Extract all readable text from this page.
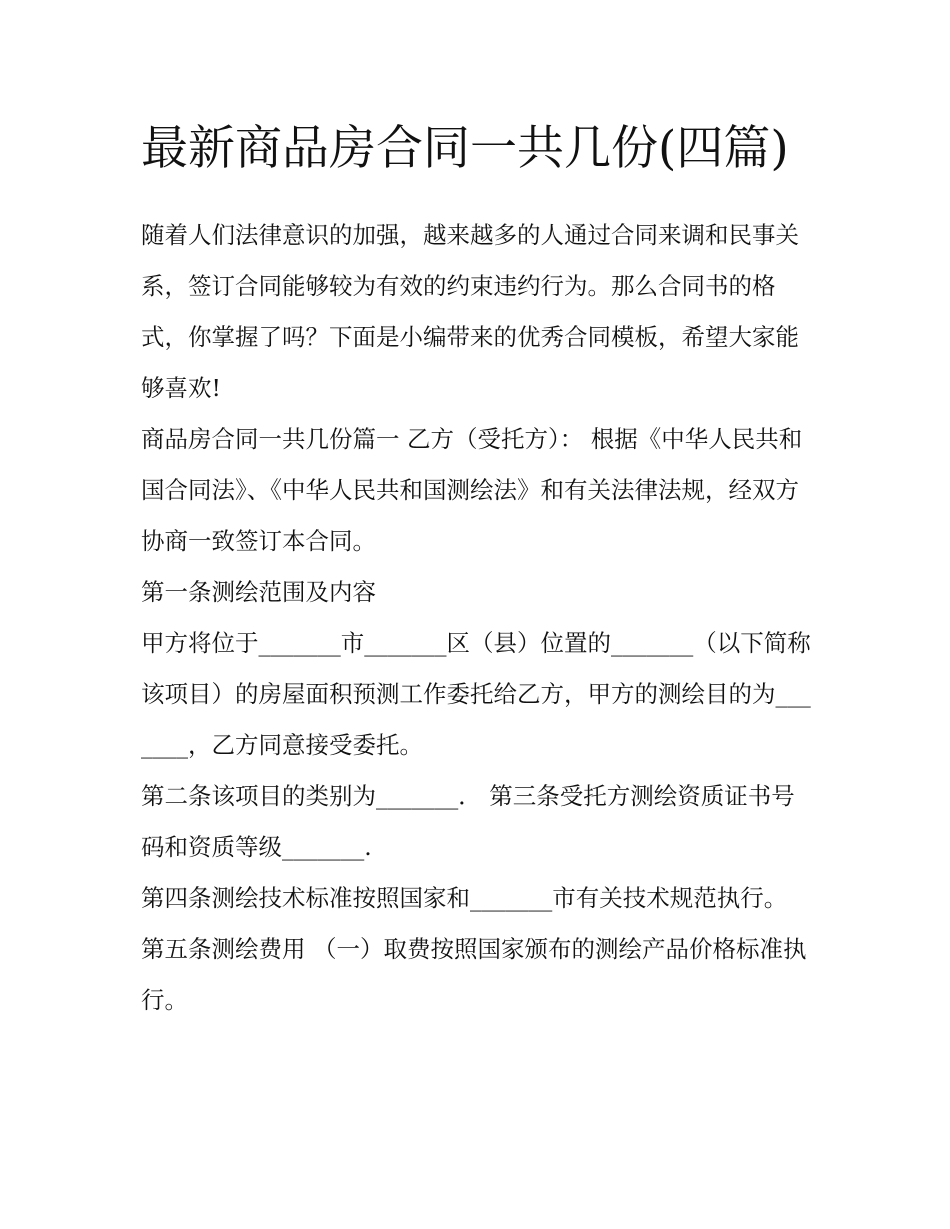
最新商品房合同一共几份(四篇)

随着人们法律意识的加强，越来越多的人通过合同来调和民事关系，签订合同能够较为有效的约束违约行为。那么合同书的格式，你掌握了吗？下面是小编带来的优秀合同模板，希望大家能够喜欢!

商品房合同一共几份篇一 乙方（受托方）： 根据《中华人民共和国合同法》、《中华人民共和国测绘法》和有关法律法规，经双方协商一致签订本合同。

第一条测绘范围及内容

甲方将位于_______市_______区（县）位置的_______（以下简称该项目）的房屋面积预测工作委托给乙方，甲方的测绘目的为_______，乙方同意接受委托。

第二条该项目的类别为_______． 第三条受托方测绘资质证书号码和资质等级_______.

第四条测绘技术标准按照国家和_______市有关技术规范执行。 第五条测绘费用 （一）取费按照国家颁布的测绘产品价格标准执行。
